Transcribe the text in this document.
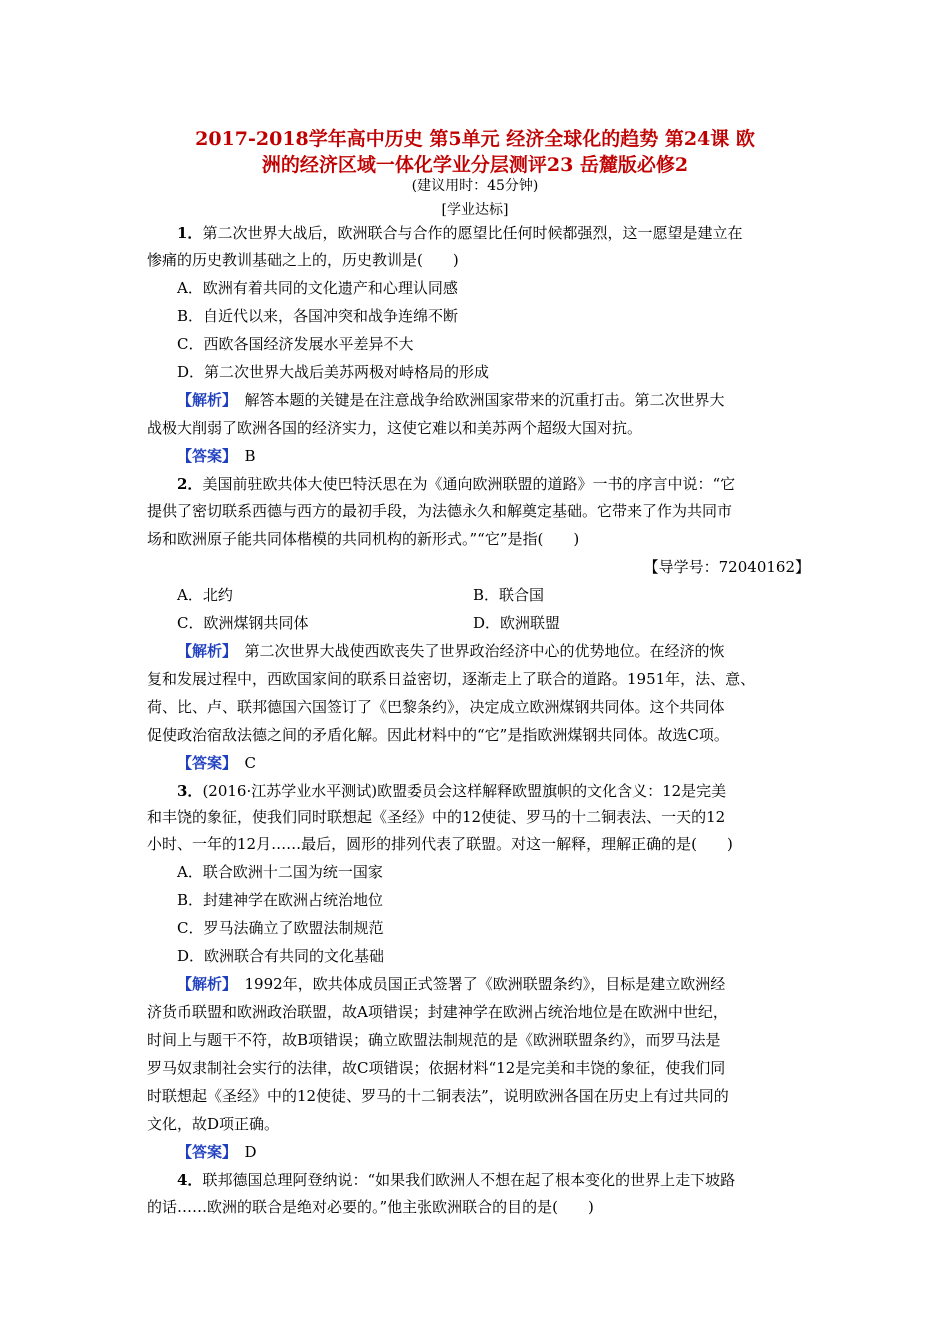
2017-2018学年高中历史 第5单元 经济全球化的趋势 第24课 欧
洲的经济区域一体化学业分层测评23 岳麓版必修2
(建议用时：45分钟)
[学业达标]
1．第二次世界大战后，欧洲联合与合作的愿望比任何时候都强烈，这一愿望是建立在
惨痛的历史教训基础之上的，历史教训是(　　)
A．欧洲有着共同的文化遗产和心理认同感
B．自近代以来，各国冲突和战争连绵不断
C．西欧各国经济发展水平差异不大
D．第二次世界大战后美苏两极对峙格局的形成
【解析】　解答本题的关键是在注意战争给欧洲国家带来的沉重打击。第二次世界大
战极大削弱了欧洲各国的经济实力，这使它难以和美苏两个超级大国对抗。
【答案】　B
2．美国前驻欧共体大使巴特沃思在为《通向欧洲联盟的道路》一书的序言中说：“它
提供了密切联系西德与西方的最初手段，为法德永久和解奠定基础。它带来了作为共同市
场和欧洲原子能共同体楷模的共同机构的新形式。”“它”是指(　　)
【导学号：72040162】
A．北约	B．联合国
C．欧洲煤钢共同体	D．欧洲联盟
【解析】　第二次世界大战使西欧丧失了世界政治经济中心的优势地位。在经济的恢
复和发展过程中，西欧国家间的联系日益密切，逐渐走上了联合的道路。1951年，法、意、
荷、比、卢、联邦德国六国签订了《巴黎条约》，决定成立欧洲煤钢共同体。这个共同体
促使政治宿敌法德之间的矛盾化解。因此材料中的“它”是指欧洲煤钢共同体。故选C项。
【答案】　C
3．(2016·江苏学业水平测试)欧盟委员会这样解释欧盟旗帜的文化含义：12是完美
和丰饶的象征，使我们同时联想起《圣经》中的12使徒、罗马的十二铜表法、一天的12
小时、一年的12月……最后，圆形的排列代表了联盟。对这一解释，理解正确的是(　　)
A．联合欧洲十二国为统一国家
B．封建神学在欧洲占统治地位
C．罗马法确立了欧盟法制规范
D．欧洲联合有共同的文化基础
【解析】　1992年，欧共体成员国正式签署了《欧洲联盟条约》，目标是建立欧洲经
济货币联盟和欧洲政治联盟，故A项错误；封建神学在欧洲占统治地位是在欧洲中世纪，
时间上与题干不符，故B项错误；确立欧盟法制规范的是《欧洲联盟条约》，而罗马法是
罗马奴隶制社会实行的法律，故C项错误；依据材料“12是完美和丰饶的象征，使我们同
时联想起《圣经》中的12使徒、罗马的十二铜表法”，说明欧洲各国在历史上有过共同的
文化，故D项正确。
【答案】　D
4．联邦德国总理阿登纳说：“如果我们欧洲人不想在起了根本变化的世界上走下坡路
的话……欧洲的联合是绝对必要的。”他主张欧洲联合的目的是(　　)
